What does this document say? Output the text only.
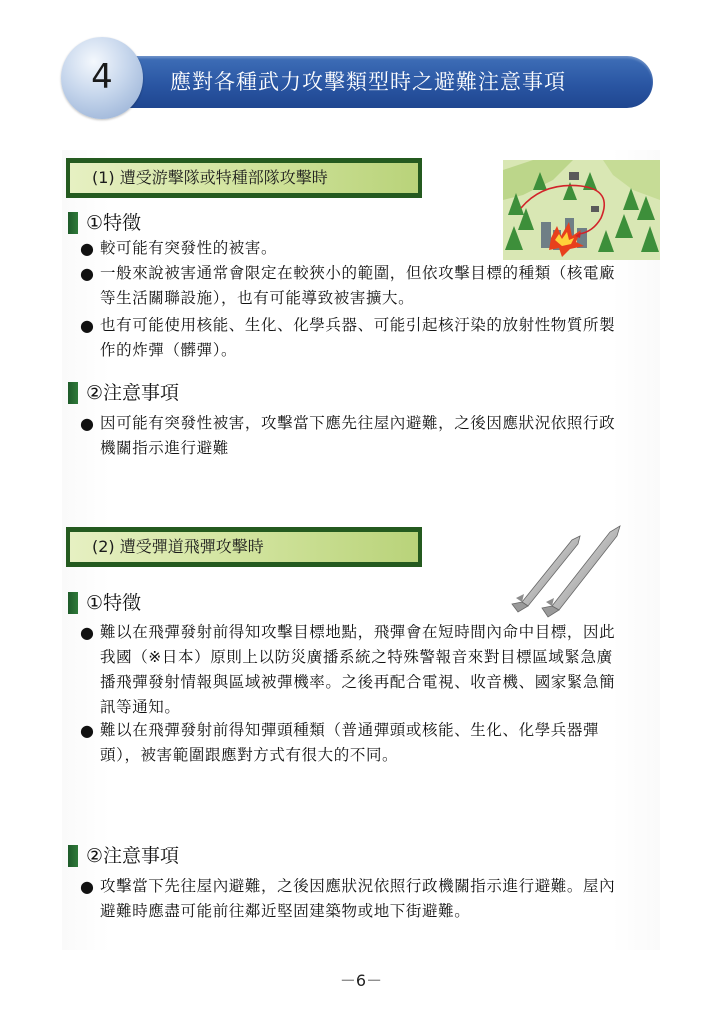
應對各種武力攻擊類型時之避難注意事項
4
(1) 遭受游擊隊或特種部隊攻擊時
①特徵
● 較可能有突發性的被害。
● 一般來說被害通常會限定在較狹小的範圍，但依攻擊目標的種類（核電廠等生活關聯設施），也有可能導致被害擴大。
● 也有可能使用核能、生化、化學兵器、可能引起核汙染的放射性物質所製作的炸彈（髒彈）。
②注意事項
● 因可能有突發性被害，攻擊當下應先往屋內避難，之後因應狀況依照行政機關指示進行避難
(2) 遭受彈道飛彈攻擊時
①特徵
● 難以在飛彈發射前得知攻擊目標地點，飛彈會在短時間內命中目標，因此我國（※日本）原則上以防災廣播系統之特殊警報音來對目標區域緊急廣播飛彈發射情報與區域被彈機率。之後再配合電視、收音機、國家緊急簡訊等通知。
● 難以在飛彈發射前得知彈頭種類（普通彈頭或核能、生化、化學兵器彈頭），被害範圍跟應對方式有很大的不同。
②注意事項
● 攻擊當下先往屋內避難，之後因應狀況依照行政機關指示進行避難。屋內避難時應盡可能前往鄰近堅固建築物或地下街避難。
－6－
